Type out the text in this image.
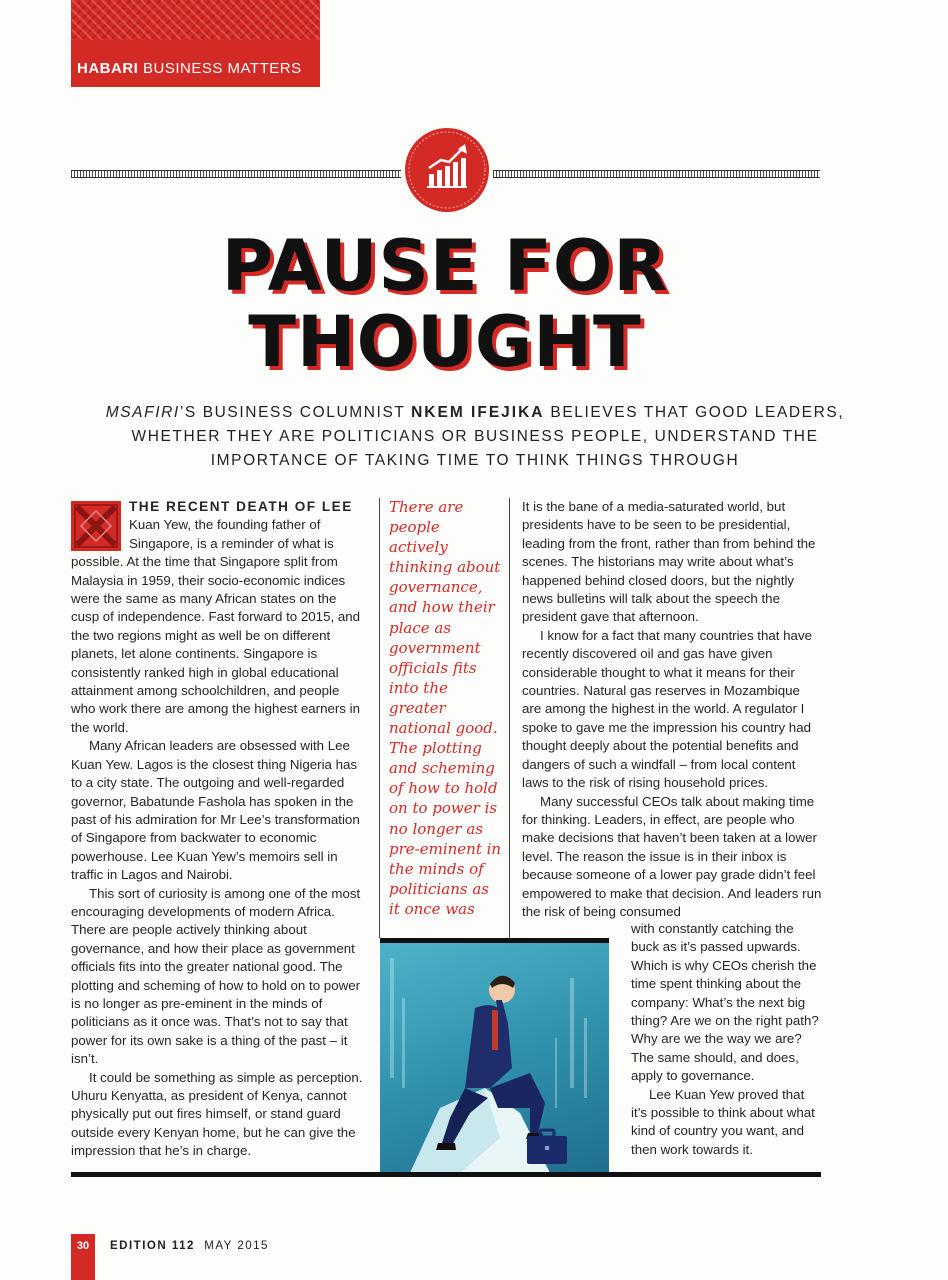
HABARI BUSINESS MATTERS
PAUSE FOR
THOUGHT
MSAFIRI’S BUSINESS COLUMNIST NKEM IFEJIKA BELIEVES THAT GOOD LEADERS, WHETHER THEY ARE POLITICIANS OR BUSINESS PEOPLE, UNDERSTAND THE IMPORTANCE OF TAKING TIME TO THINK THINGS THROUGH

THE RECENT DEATH OF LEE Kuan Yew, the founding father of Singapore, is a reminder of what is possible. At the time that Singapore split from Malaysia in 1959, their socio-economic indices were the same as many African states on the cusp of independence. Fast forward to 2015, and the two regions might as well be on different planets, let alone continents. Singapore is consistently ranked high in global educational attainment among schoolchildren, and people who work there are among the highest earners in the world.

Many African leaders are obsessed with Lee Kuan Yew. Lagos is the closest thing Nigeria has to a city state. The outgoing and well-regarded governor, Babatunde Fashola has spoken in the past of his admiration for Mr Lee’s transformation of Singapore from backwater to economic powerhouse. Lee Kuan Yew’s memoirs sell in traffic in Lagos and Nairobi.

This sort of curiosity is among one of the most encouraging developments of modern Africa. There are people actively thinking about governance, and how their place as government officials fits into the greater national good. The plotting and scheming of how to hold on to power is no longer as pre-eminent in the minds of politicians as it once was. That’s not to say that power for its own sake is a thing of the past – it isn’t.

It could be something as simple as perception. Uhuru Kenyatta, as president of Kenya, cannot physically put out fires himself, or stand guard outside every Kenyan home, but he can give the impression that he’s in charge.

There are people actively thinking about governance, and how their place as government officials fits into the greater national good. The plotting and scheming of how to hold on to power is no longer as pre-eminent in the minds of politicians as it once was

It is the bane of a media-saturated world, but presidents have to be seen to be presidential, leading from the front, rather than from behind the scenes. The historians may write about what’s happened behind closed doors, but the nightly news bulletins will talk about the speech the president gave that afternoon.

I know for a fact that many countries that have recently discovered oil and gas have given considerable thought to what it means for their countries. Natural gas reserves in Mozambique are among the highest in the world. A regulator I spoke to gave me the impression his country had thought deeply about the potential benefits and dangers of such a windfall – from local content laws to the risk of rising household prices.

Many successful CEOs talk about making time for thinking. Leaders, in effect, are people who make decisions that haven’t been taken at a lower level. The reason the issue is in their inbox is because someone of a lower pay grade didn’t feel empowered to make that decision. And leaders run the risk of being consumed

with constantly catching the buck as it’s passed upwards. Which is why CEOs cherish the time spent thinking about the company: What’s the next big thing? Are we on the right path? Why are we the way we are? The same should, and does, apply to governance.

Lee Kuan Yew proved that it’s possible to think about what kind of country you want, and then work towards it.

30	EDITION 112 MAY 2015
